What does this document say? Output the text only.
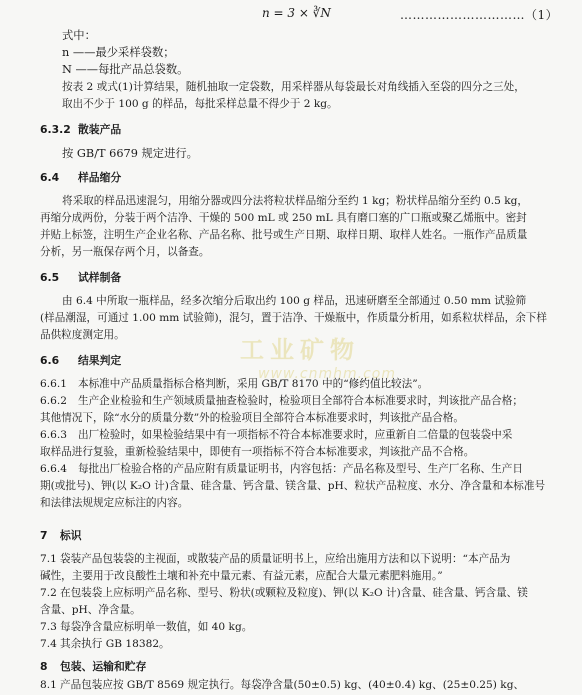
n = 3 × ∛N	…………………………（1）
式中：
n ——最少采样袋数；
N ——每批产品总袋数。
按表 2 或式(1)计算结果，随机抽取一定袋数，用采样器从每袋最长对角线插入至袋的四分之三处，
取出不少于 100 g 的样品，每批采样总量不得少于 2 kg。
6.3.2 散装产品
按 GB/T 6679 规定进行。
6.4 样品缩分
将采取的样品迅速混匀，用缩分器或四分法将粒状样品缩分至约 1 kg；粉状样品缩分至约 0.5 kg，
再缩分成两份，分装于两个洁净、干燥的 500 mL 或 250 mL 具有磨口塞的广口瓶或聚乙烯瓶中。密封
并贴上标签，注明生产企业名称、产品名称、批号或生产日期、取样日期、取样人姓名。一瓶作产品质量
分析，另一瓶保存两个月，以备查。
6.5 试样制备
由 6.4 中所取一瓶样品，经多次缩分后取出约 100 g 样品，迅速研磨至全部通过 0.50 mm 试验筛
(样品潮湿，可通过 1.00 mm 试验筛)，混匀，置于洁净、干燥瓶中，作质量分析用，如系粒状样品，余下样
品供粒度测定用。
6.6 结果判定
6.6.1 本标准中产品质量指标合格判断，采用 GB/T 8170 中的“修约值比较法”。
6.6.2 生产企业检验和生产领域质量抽查检验时，检验项目全部符合本标准要求时，判该批产品合格；
其他情况下，除“水分的质量分数”外的检验项目全部符合本标准要求时，判该批产品合格。
6.6.3 出厂检验时，如果检验结果中有一项指标不符合本标准要求时，应重新自二倍量的包装袋中采
取样品进行复验，重新检验结果中，即使有一项指标不符合本标准要求，判该批产品不合格。
6.6.4 每批出厂检验合格的产品应附有质量证明书，内容包括：产品名称及型号、生产厂名称、生产日
期(或批号)、钾(以 K₂O 计)含量、硅含量、钙含量、镁含量、pH、粒状产品粒度、水分、净含量和本标准号
和法律法规规定应标注的内容。
7 标识
7.1 袋装产品包装袋的主视面，或散装产品的质量证明书上，应给出施用方法和以下说明：“本产品为
碱性，主要用于改良酸性土壤和补充中量元素、有益元素，应配合大量元素肥料施用。”
7.2 在包装袋上应标明产品名称、型号、粉状(或颗粒及粒度)、钾(以 K₂O 计)含量、硅含量、钙含量、镁
含量、pH、净含量。
7.3 每袋净含量应标明单一数值，如 40 kg。
7.4 其余执行 GB 18382。
8 包装、运输和贮存
8.1 产品包装应按 GB/T 8569 规定执行。每袋净含量(50±0.5) kg、(40±0.4) kg、(25±0.25) kg、
工业矿物
www.cnmhm.com
